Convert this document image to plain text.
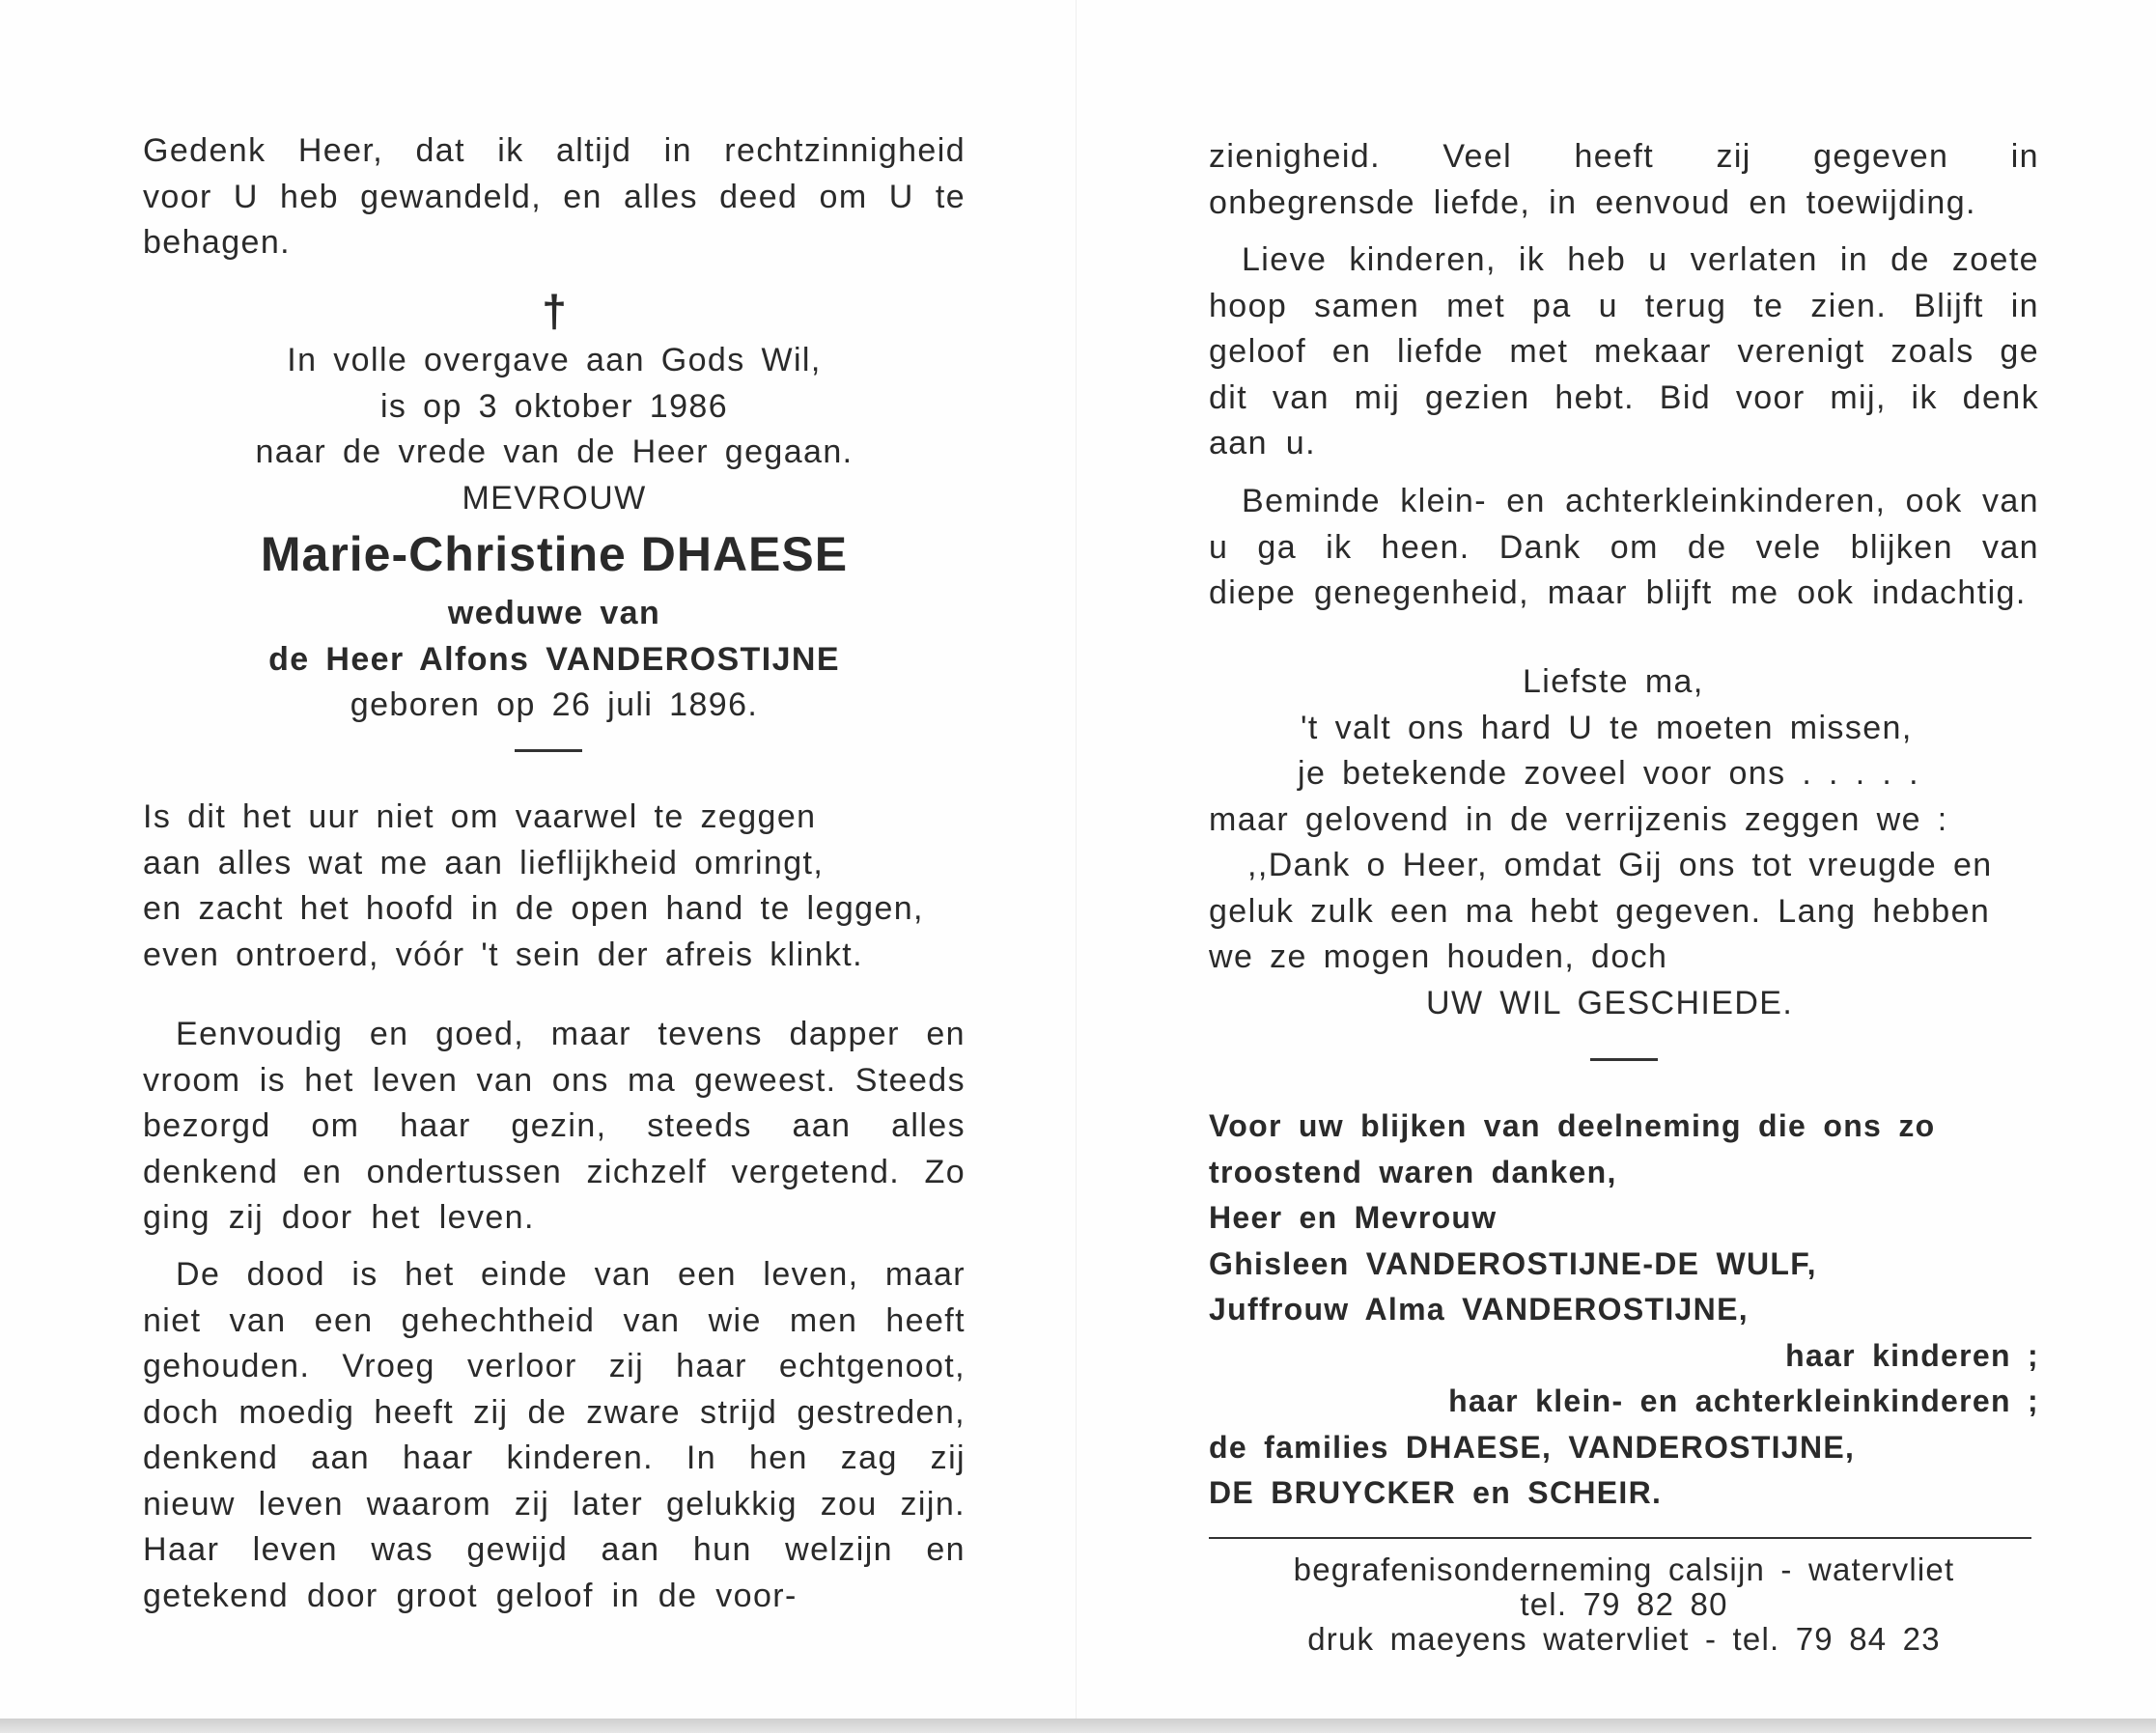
Gedenk Heer, dat ik altijd in rechtzinnigheid voor U heb gewandeld, en alles deed om U te behagen.

†
In volle overgave aan Gods Wil,
is op 3 oktober 1986
naar de vrede van de Heer gegaan.
MEVROUW
Marie-Christine DHAESE
weduwe van
de Heer Alfons VANDEROSTIJNE
geboren op 26 juli 1896.
Is dit het uur niet om vaarwel te zeggen
aan alles wat me aan lieflijkheid omringt,
en zacht het hoofd in de open hand te leggen,
even ontroerd, vóór 't sein der afreis klinkt.

Eenvoudig en goed, maar tevens dapper en vroom is het leven van ons ma geweest. Steeds bezorgd om haar gezin, steeds aan alles denkend en ondertussen zichzelf vergetend. Zo ging zij door het leven.

De dood is het einde van een leven, maar niet van een gehechtheid van wie men heeft gehouden. Vroeg verloor zij haar echtgenoot, doch moedig heeft zij de zware strijd gestreden, denkend aan haar kinderen. In hen zag zij nieuw leven waarom zij later gelukkig zou zijn. Haar leven was gewijd aan hun welzijn en getekend door groot geloof in de voor-

zienigheid. Veel heeft zij gegeven in onbegrensde liefde, in eenvoud en toewijding.

Lieve kinderen, ik heb u verlaten in de zoete hoop samen met pa u terug te zien. Blijft in geloof en liefde met mekaar verenigt zoals ge dit van mij gezien hebt. Bid voor mij, ik denk aan u.

Beminde klein- en achterkleinkinderen, ook van u ga ik heen. Dank om de vele blijken van diepe genegenheid, maar blijft me ook indachtig.

Liefste ma,
't valt ons hard U te moeten missen,
je betekende zoveel voor ons . . . . .
maar gelovend in de verrijzenis zeggen we :
,,Dank o Heer, omdat Gij ons tot vreugde en
geluk zulk een ma hebt gegeven. Lang hebben
we ze mogen houden, doch
UW WIL GESCHIEDE.
Voor uw blijken van deelneming die ons zo
troostend waren danken,
Heer en Mevrouw
Ghisleen VANDEROSTIJNE-DE WULF,
Juffrouw Alma VANDEROSTIJNE,
haar kinderen ;
haar klein- en achterkleinkinderen ;
de families DHAESE, VANDEROSTIJNE,
DE BRUYCKER en SCHEIR.
begrafenisonderneming calsijn - watervliet
tel. 79 82 80
druk maeyens watervliet - tel. 79 84 23
